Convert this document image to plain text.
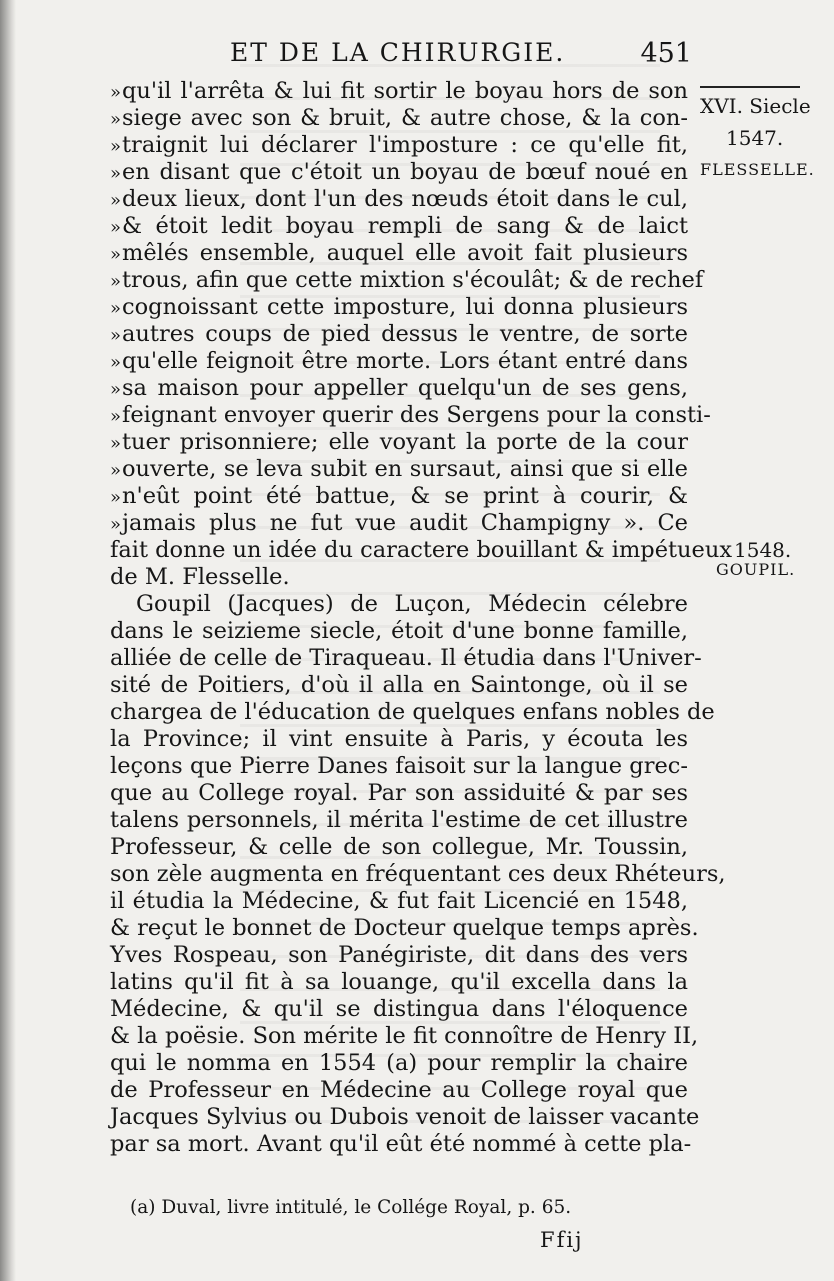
ET DE LA CHIRURGIE.	451
XVI. Siecle
1547.
FLESSELLE.
1548.
GOUPIL.
» qu'il l'arrêta & lui fit sortir le boyau hors de son
» siege avec son & bruit, & autre chose, & la con-
» traignit lui déclarer l'imposture : ce qu'elle fit,
» en disant que c'étoit un boyau de bœuf noué en
» deux lieux, dont l'un des nœuds étoit dans le cul,
» & étoit ledit boyau rempli de sang & de laict
» mêlés ensemble, auquel elle avoit fait plusieurs
» trous, afin que cette mixtion s'écoulât; & de rechef
» cognoissant cette imposture, lui donna plusieurs
» autres coups de pied dessus le ventre, de sorte
» qu'elle feignoit être morte. Lors étant entré dans
» sa maison pour appeller quelqu'un de ses gens,
» feignant envoyer querir des Sergens pour la consti-
» tuer prisonniere; elle voyant la porte de la cour
» ouverte, se leva subit en sursaut, ainsi que si elle
» n'eût point été battue, & se print à courir, &
» jamais plus ne fut vue audit Champigny ». Ce
fait donne un idée du caractere bouillant & impétueux
de M. Flesselle.
Goupil (Jacques) de Luçon, Médecin célebre
dans le seizieme siecle, étoit d'une bonne famille,
alliée de celle de Tiraqueau. Il étudia dans l'Univer-
sité de Poitiers, d'où il alla en Saintonge, où il se
chargea de l'éducation de quelques enfans nobles de
la Province; il vint ensuite à Paris, y écouta les
leçons que Pierre Danes faisoit sur la langue grec-
que au College royal. Par son assiduité & par ses
talens personnels, il mérita l'estime de cet illustre
Professeur, & celle de son collegue, Mr. Toussin,
son zèle augmenta en fréquentant ces deux Rhéteurs,
il étudia la Médecine, & fut fait Licencié en 1548,
& reçut le bonnet de Docteur quelque temps après.
Yves Rospeau, son Panégiriste, dit dans des vers
latins qu'il fit à sa louange, qu'il excella dans la
Médecine, & qu'il se distingua dans l'éloquence
& la poësie. Son mérite le fit connoître de Henry II,
qui le nomma en 1554 (a) pour remplir la chaire
de Professeur en Médecine au College royal que
Jacques Sylvius ou Dubois venoit de laisser vacante
par sa mort. Avant qu'il eût été nommé à cette pla-
(a) Duval, livre intitulé, le Collége Royal, p. 65.
Ffij
